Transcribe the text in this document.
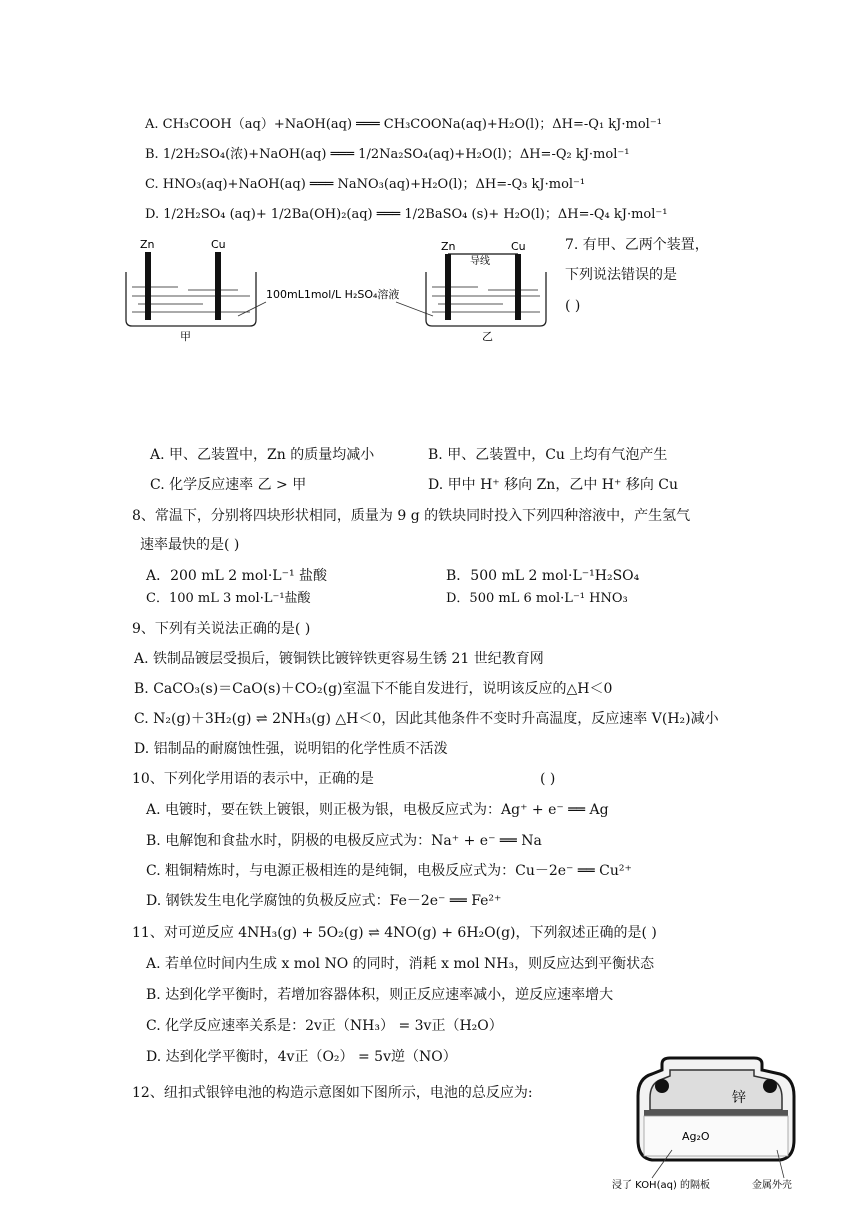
A. CH₃COOH（aq）+NaOH(aq) ═══ CH₃COONa(aq)+H₂O(l)；ΔH=-Q₁ kJ·mol⁻¹
B. 1/2H₂SO₄(浓)+NaOH(aq) ═══ 1/2Na₂SO₄(aq)+H₂O(l)；ΔH=-Q₂ kJ·mol⁻¹
C. HNO₃(aq)+NaOH(aq) ═══ NaNO₃(aq)+H₂O(l)；ΔH=-Q₃ kJ·mol⁻¹
D. 1/2H₂SO₄ (aq)+ 1/2Ba(OH)₂(aq) ═══ 1/2BaSO₄ (s)+ H₂O(l)；ΔH=-Q₄ kJ·mol⁻¹
Zn	Cu
甲
100mL1mol/L H₂SO₄溶液
Zn	Cu
导线
乙
7. 有甲、乙两个装置，
下列说法错误的是
( )
A. 甲、乙装置中，Zn 的质量均减小	B. 甲、乙装置中，Cu 上均有气泡产生
C. 化学反应速率 乙 > 甲	D. 甲中 H⁺ 移向 Zn，乙中 H⁺ 移向 Cu
8、常温下，分别将四块形状相同，质量为 9 g 的铁块同时投入下列四种溶液中，产生氢气
速率最快的是( )
A．200 mL 2 mol·L⁻¹ 盐酸	B．500 mL 2 mol·L⁻¹H₂SO₄
C．100 mL 3 mol·L⁻¹盐酸	D．500 mL 6 mol·L⁻¹ HNO₃
9、下列有关说法正确的是( )
A. 铁制品镀层受损后，镀铜铁比镀锌铁更容易生锈 21 世纪教育网
B. CaCO₃(s)＝CaO(s)＋CO₂(g)室温下不能自发进行，说明该反应的△H＜0
C. N₂(g)＋3H₂(g) ⇌ 2NH₃(g) △H＜0，因此其他条件不变时升高温度，反应速率 V(H₂)减小
D. 铝制品的耐腐蚀性强，说明铝的化学性质不活泼
10、下列化学用语的表示中，正确的是	( )
A. 电镀时，要在铁上镀银，则正极为银，电极反应式为：Ag⁺ + e⁻ ══ Ag
B. 电解饱和食盐水时，阴极的电极反应式为：Na⁺ + e⁻ ══ Na
C. 粗铜精炼时，与电源正极相连的是纯铜，电极反应式为：Cu－2e⁻ ══ Cu²⁺
D. 钢铁发生电化学腐蚀的负极反应式：Fe－2e⁻ ══ Fe²⁺
11、对可逆反应 4NH₃(g) + 5O₂(g) ⇌ 4NO(g) + 6H₂O(g)，下列叙述正确的是( )
A. 若单位时间内生成 x mol NO 的同时，消耗 x mol NH₃，则反应达到平衡状态
B. 达到化学平衡时，若增加容器体积，则正反应速率减小，逆反应速率增大
C. 化学反应速率关系是：2v正（NH₃） = 3v正（H₂O）
D. 达到化学平衡时，4v正（O₂） = 5v逆（NO）
12、纽扣式银锌电池的构造示意图如下图所示，电池的总反应为:	锌
Ag₂O
浸了 KOH(aq) 的隔板	金属外壳
